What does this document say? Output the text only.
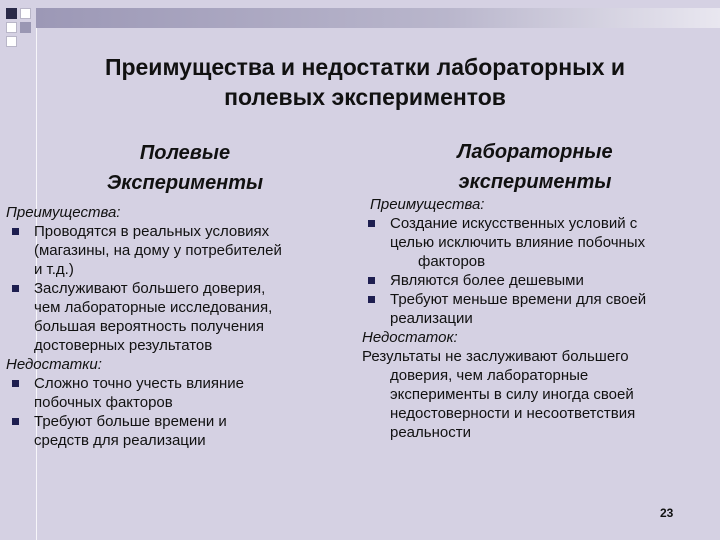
Преимущества и недостатки лабораторных и
полевых экспериментов
Полевые
Эксперименты
Лабораторные
эксперименты
Преимущества:
Проводятся в реальных условиях
(магазины, на дому у потребителей
и т.д.)
Заслуживают большего доверия,
чем лабораторные исследования,
большая вероятность получения
достоверных результатов
Недостатки:
Сложно точно учесть влияние
побочных факторов
Требуют больше времени и
средств для реализации
Преимущества:
Создание искусственных условий с
целью исключить влияние побочных
факторов
Являются более дешевыми
Требуют меньше времени для своей
реализации
Недостаток:
Результаты не заслуживают большего
доверия, чем лабораторные
эксперименты в силу иногда своей
недостоверности и несоответствия
реальности
23
